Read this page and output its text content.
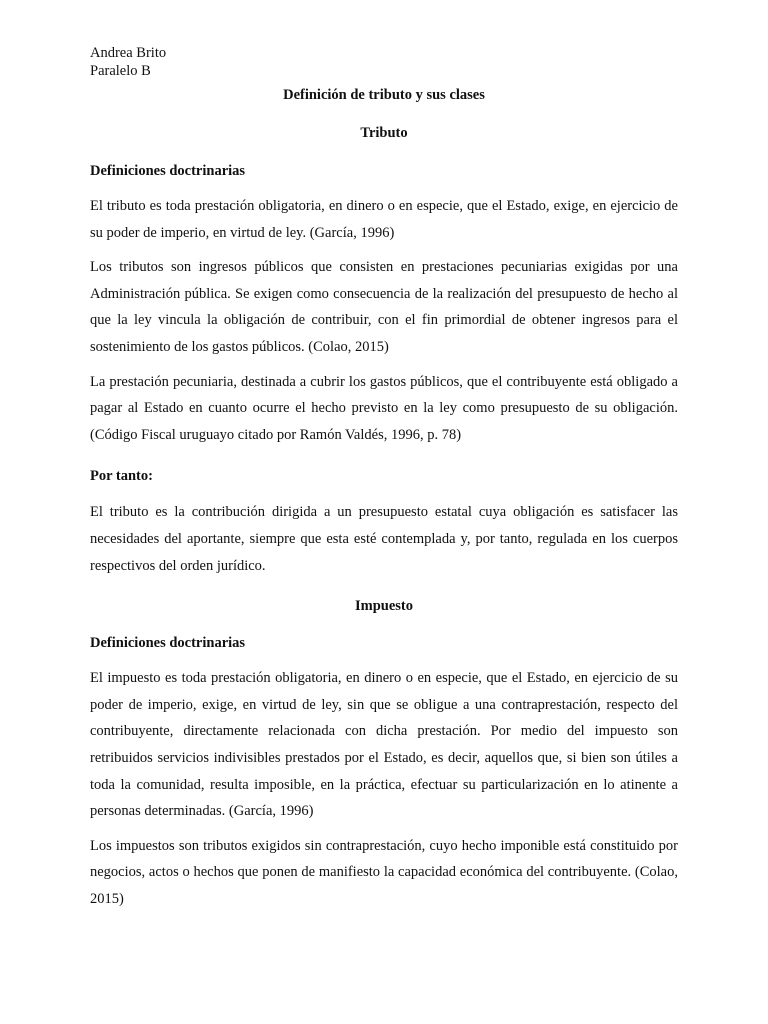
Andrea Brito
Paralelo B
Definición de tributo y sus clases
Tributo
Definiciones doctrinarias

El tributo es toda prestación obligatoria, en dinero o en especie, que el Estado, exige, en ejercicio de su poder de imperio, en virtud de ley. (García, 1996)

Los tributos son ingresos públicos que consisten en prestaciones pecuniarias exigidas por una Administración pública. Se exigen como consecuencia de la realización del presupuesto de hecho al que la ley vincula la obligación de contribuir, con el fin primordial de obtener ingresos para el sostenimiento de los gastos públicos. (Colao, 2015)

La prestación pecuniaria, destinada a cubrir los gastos públicos, que el contribuyente está obligado a pagar al Estado en cuanto ocurre el hecho previsto en la ley como presupuesto de su obligación. (Código Fiscal uruguayo citado por Ramón Valdés, 1996, p. 78)

Por tanto:

El tributo es la contribución dirigida a un presupuesto estatal cuya obligación es satisfacer las necesidades del aportante, siempre que esta esté contemplada y, por tanto, regulada en los cuerpos respectivos del orden jurídico.

Impuesto
Definiciones doctrinarias

El impuesto es toda prestación obligatoria, en dinero o en especie, que el Estado, en ejercicio de su poder de imperio, exige, en virtud de ley, sin que se obligue a una contraprestación, respecto del contribuyente, directamente relacionada con dicha prestación. Por medio del impuesto son retribuidos servicios indivisibles prestados por el Estado, es decir, aquellos que, si bien son útiles a toda la comunidad, resulta imposible, en la práctica, efectuar su particularización en lo atinente a personas determinadas. (García, 1996)

Los impuestos son tributos exigidos sin contraprestación, cuyo hecho imponible está constituido por negocios, actos o hechos que ponen de manifiesto la capacidad económica del contribuyente. (Colao, 2015)
